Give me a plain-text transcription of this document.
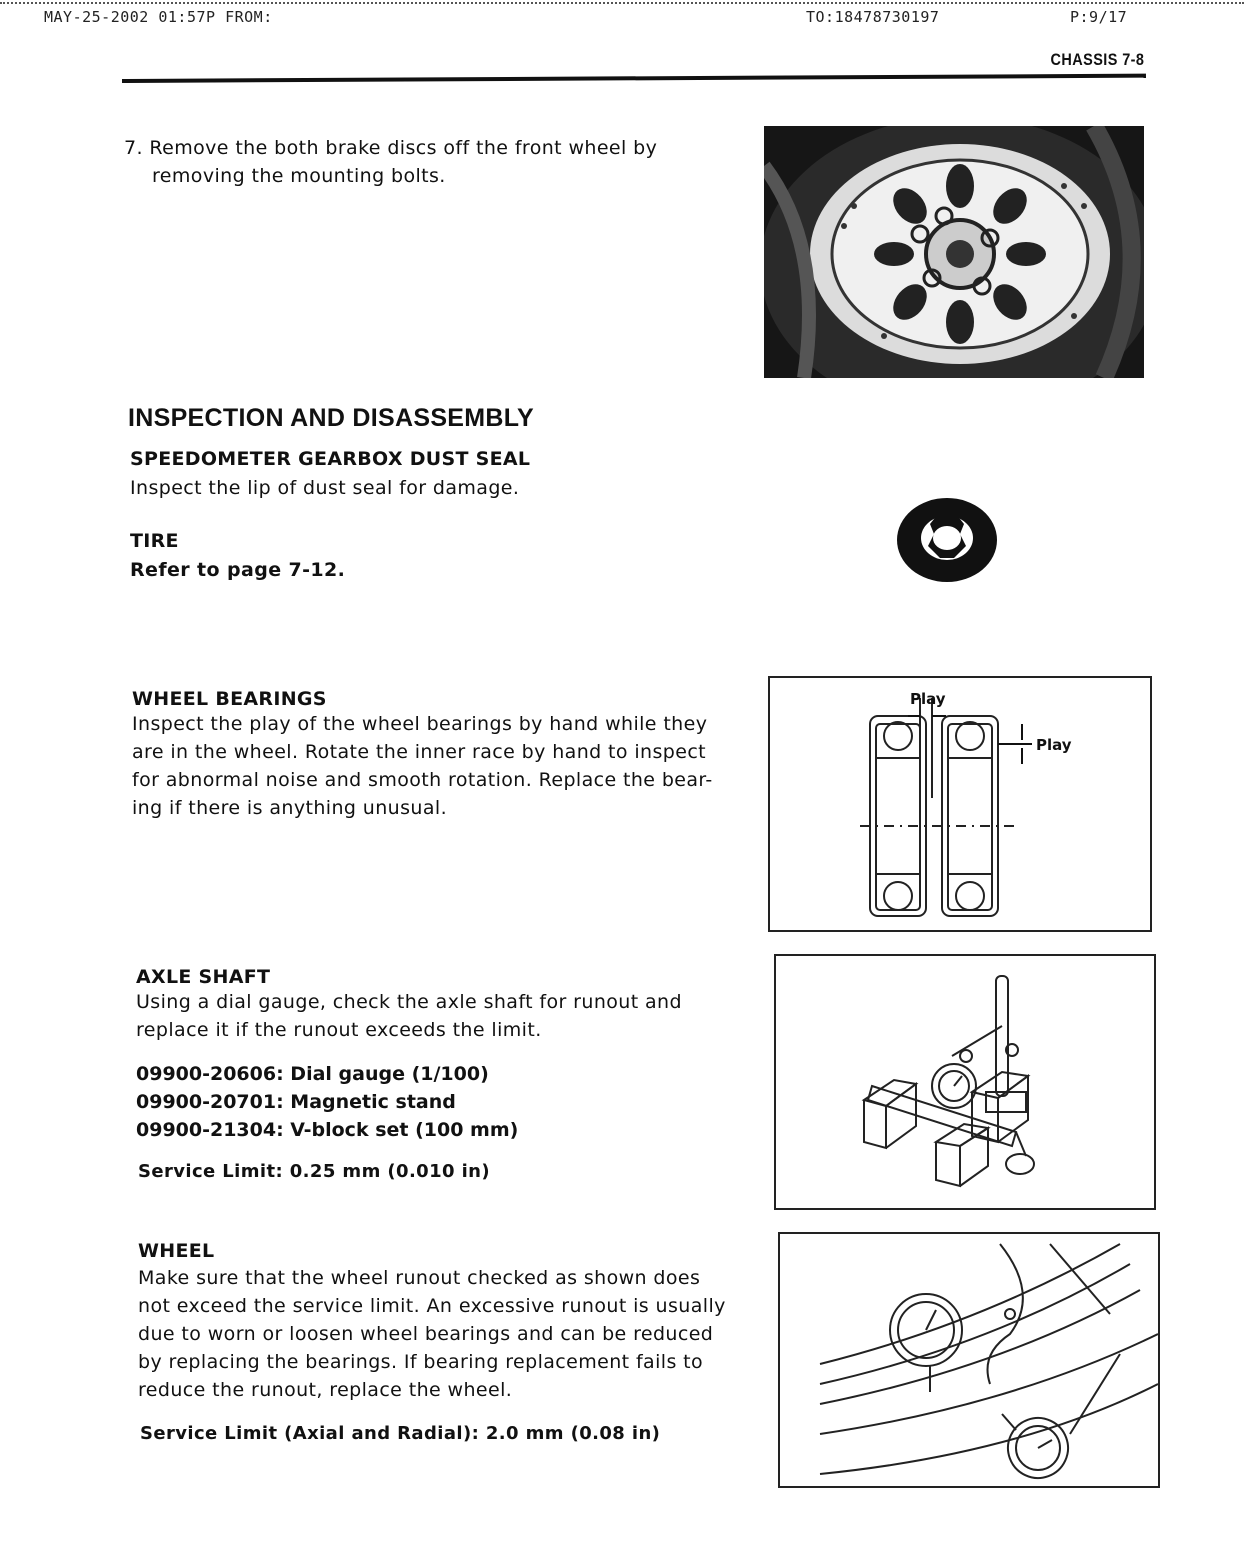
MAY-25-2002 01:57P FROM:	TO:18478730197	P:9/17
CHASSIS 7-8
7. Remove the both brake discs off the front wheel by
removing the mounting bolts.
INSPECTION AND DISASSEMBLY
SPEEDOMETER GEARBOX DUST SEAL
Inspect the lip of dust seal for damage.
TIRE
Refer to page 7-12.
WHEEL BEARINGS
Inspect the play of the wheel bearings by hand while they
are in the wheel. Rotate the inner race by hand to inspect
for abnormal noise and smooth rotation. Replace the bear-
ing if there is anything unusual.
Play
Play
AXLE SHAFT
Using a dial gauge, check the axle shaft for runout and
replace it if the runout exceeds the limit.
09900-20606: Dial gauge (1/100)
09900-20701: Magnetic stand
09900-21304: V-block set (100 mm)
Service Limit: 0.25 mm (0.010 in)
WHEEL
Make sure that the wheel runout checked as shown does
not exceed the service limit. An excessive runout is usually
due to worn or loosen wheel bearings and can be reduced
by replacing the bearings. If bearing replacement fails to
reduce the runout, replace the wheel.
Service Limit (Axial and Radial): 2.0 mm (0.08 in)
